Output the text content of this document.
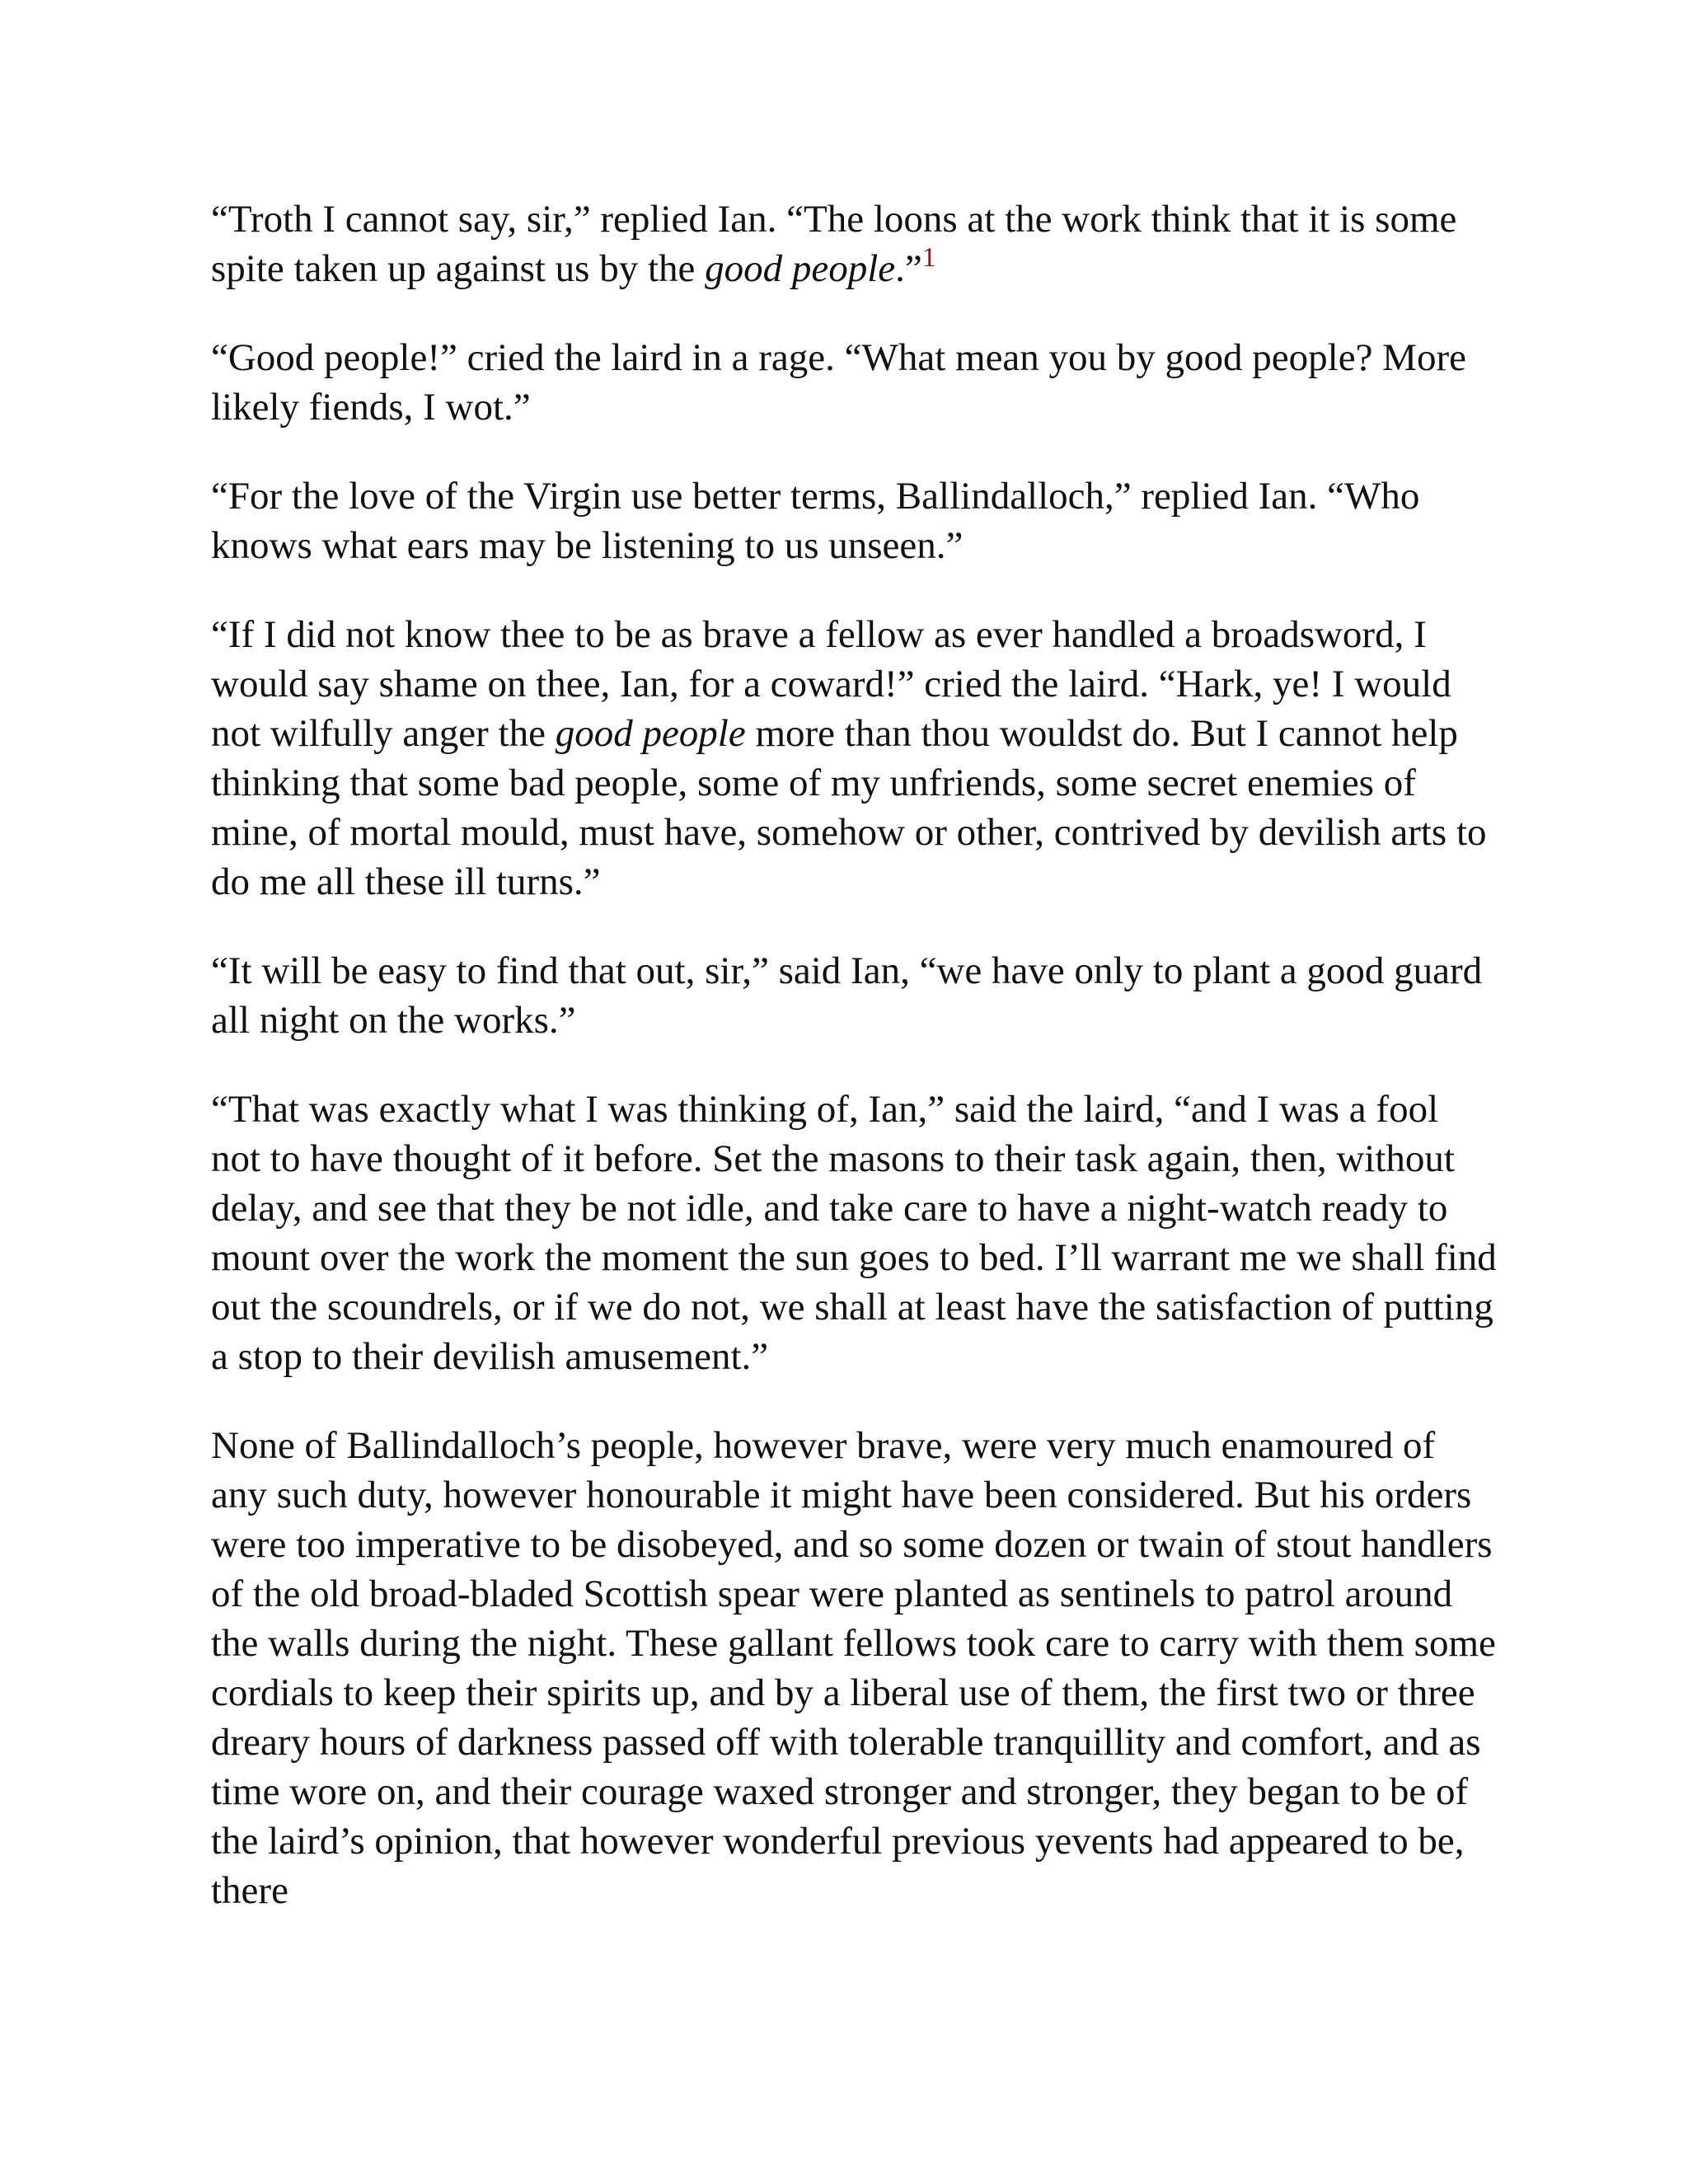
“Troth I cannot say, sir,” replied Ian. “The loons at the work think that it is some spite taken up against us by the good people.”$^1$

“Good people!” cried the laird in a rage. “What mean you by good people? More likely fiends, I wot.”

“For the love of the Virgin use better terms, Ballindalloch,” replied Ian. “Who knows what ears may be listening to us unseen.”

“If I did not know thee to be as brave a fellow as ever handled a broadsword, I would say shame on thee, Ian, for a coward!” cried the laird. “Hark, ye! I would not wilfully anger the good people more than thou wouldst do. But I cannot help thinking that some bad people, some of my unfriends, some secret enemies of mine, of mortal mould, must have, somehow or other, contrived by devilish arts to do me all these ill turns.”

“It will be easy to find that out, sir,” said Ian, “we have only to plant a good guard all night on the works.”

“That was exactly what I was thinking of, Ian,” said the laird, “and I was a fool not to have thought of it before. Set the masons to their task again, then, without delay, and see that they be not idle, and take care to have a night-watch ready to mount over the work the moment the sun goes to bed. I’ll warrant me we shall find out the scoundrels, or if we do not, we shall at least have the satisfaction of putting a stop to their devilish amusement.”

None of Ballindalloch’s people, however brave, were very much enamoured of any such duty, however honourable it might have been considered. But his orders were too imperative to be disobeyed, and so some dozen or twain of stout handlers of the old broad-bladed Scottish spear were planted as sentinels to patrol around the walls during the night. These gallant fellows took care to carry with them some cordials to keep their spirits up, and by a liberal use of them, the first two or three dreary hours of darkness passed off with tolerable tranquillity and comfort, and as time wore on, and their courage waxed stronger and stronger, they began to be of the laird’s opinion, that however wonderful previous yevents had appeared to be, there
